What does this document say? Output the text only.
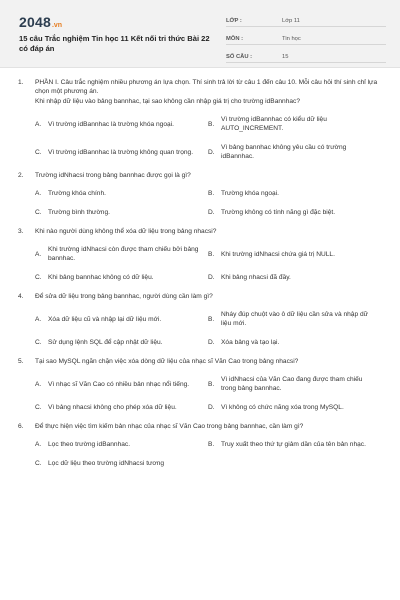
2048.vn
15 câu Trắc nghiệm Tin học 11 Kết nối tri thức Bài 22 có đáp án
LỚP :	Lớp 11
MÔN :	Tin học
SỐ CÂU :	15
1.	PHẦN I. Câu trắc nghiệm nhiều phương án lựa chọn. Thí sinh trả lời từ câu 1 đến câu 10. Mỗi câu hỏi thí sinh chỉ lựa chọn một phương án.
Khi nhập dữ liệu vào bảng bannhac, tại sao không cần nhập giá trị cho trường idBannhac?
A.	Vì trường idBannhac là trường khóa ngoại.	B.
Vì trường idBannhac có kiểu dữ liệu AUTO_INCREMENT.
C. Vì trường idBannhac là trường không quan trọng.	D.
Vì bảng bannhac không yêu cầu có trường idBannhac.
2.	Trường idNhacsi trong bảng bannhac được gọi là gì?
A.	Trường khóa chính.	B.	Trường khóa ngoại.
C. Trường bình thường.	D. Trường không có tính năng gì đặc biệt.
3.	Khi nào người dùng không thể xóa dữ liệu trong bảng nhacsi?
A.
Khi trường idNhacsi còn được tham chiếu bởi bảng bannhac.
B.	Khi trường idNhacsi chứa giá trị NULL.
C. Khi bảng bannhac không có dữ liệu.	D. Khi bảng nhacsi đã đầy.
4.	Để sửa dữ liệu trong bảng bannhac, người dùng cần làm gì?
A.	Xóa dữ liệu cũ và nhập lại dữ liệu mới.	B.
Nháy đúp chuột vào ô dữ liệu cần sửa và nhập dữ liệu mới.
C. Sử dụng lệnh SQL để cập nhật dữ liệu.	D. Xóa bảng và tạo lại.
5.	Tại sao MySQL ngăn chặn việc xóa dòng dữ liệu của nhạc sĩ Văn Cao trong bảng nhacsi?
A.	Vì nhạc sĩ Văn Cao có nhiều bản nhạc nổi tiếng.	B.
Vì idNhacsi của Văn Cao đang được tham chiếu trong bảng bannhac.
C. Vì bảng nhacsi không cho phép xóa dữ liệu.	D. Vì không có chức năng xóa trong MySQL.
6.	Để thực hiện việc tìm kiếm bản nhạc của nhạc sĩ Văn Cao trong bảng bannhac, cần làm gì?
A.	Lọc theo trường idBannhac.	B.	Truy xuất theo thứ tự giảm dần của tên bản nhạc.
C. Lọc dữ liệu theo trường idNhacsi tương
